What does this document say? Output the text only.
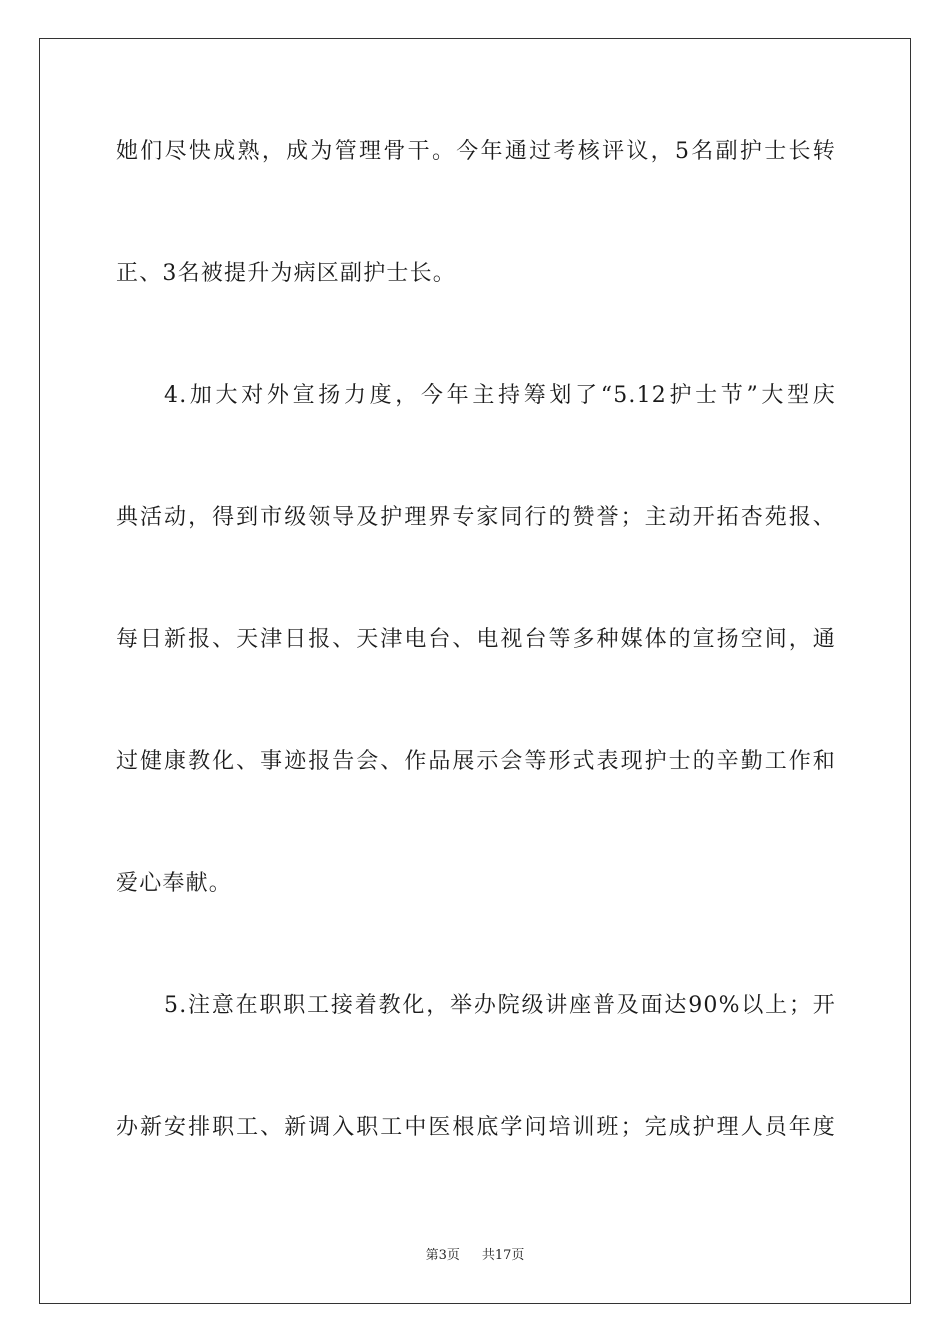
她们尽快成熟，成为管理骨干。今年通过考核评议，5名副护士长转
正、3名被提升为病区副护士长。
4.加大对外宣扬力度，今年主持筹划了“5.12护士节”大型庆
典活动，得到市级领导及护理界专家同行的赞誉；主动开拓杏苑报、
每日新报、天津日报、天津电台、电视台等多种媒体的宣扬空间，通
过健康教化、事迹报告会、作品展示会等形式表现护士的辛勤工作和
爱心奉献。
5.注意在职职工接着教化，举办院级讲座普及面达90%以上；开
办新安排职工、新调入职工中医根底学问培训班；完成护理人员年度
第3页 共17页
